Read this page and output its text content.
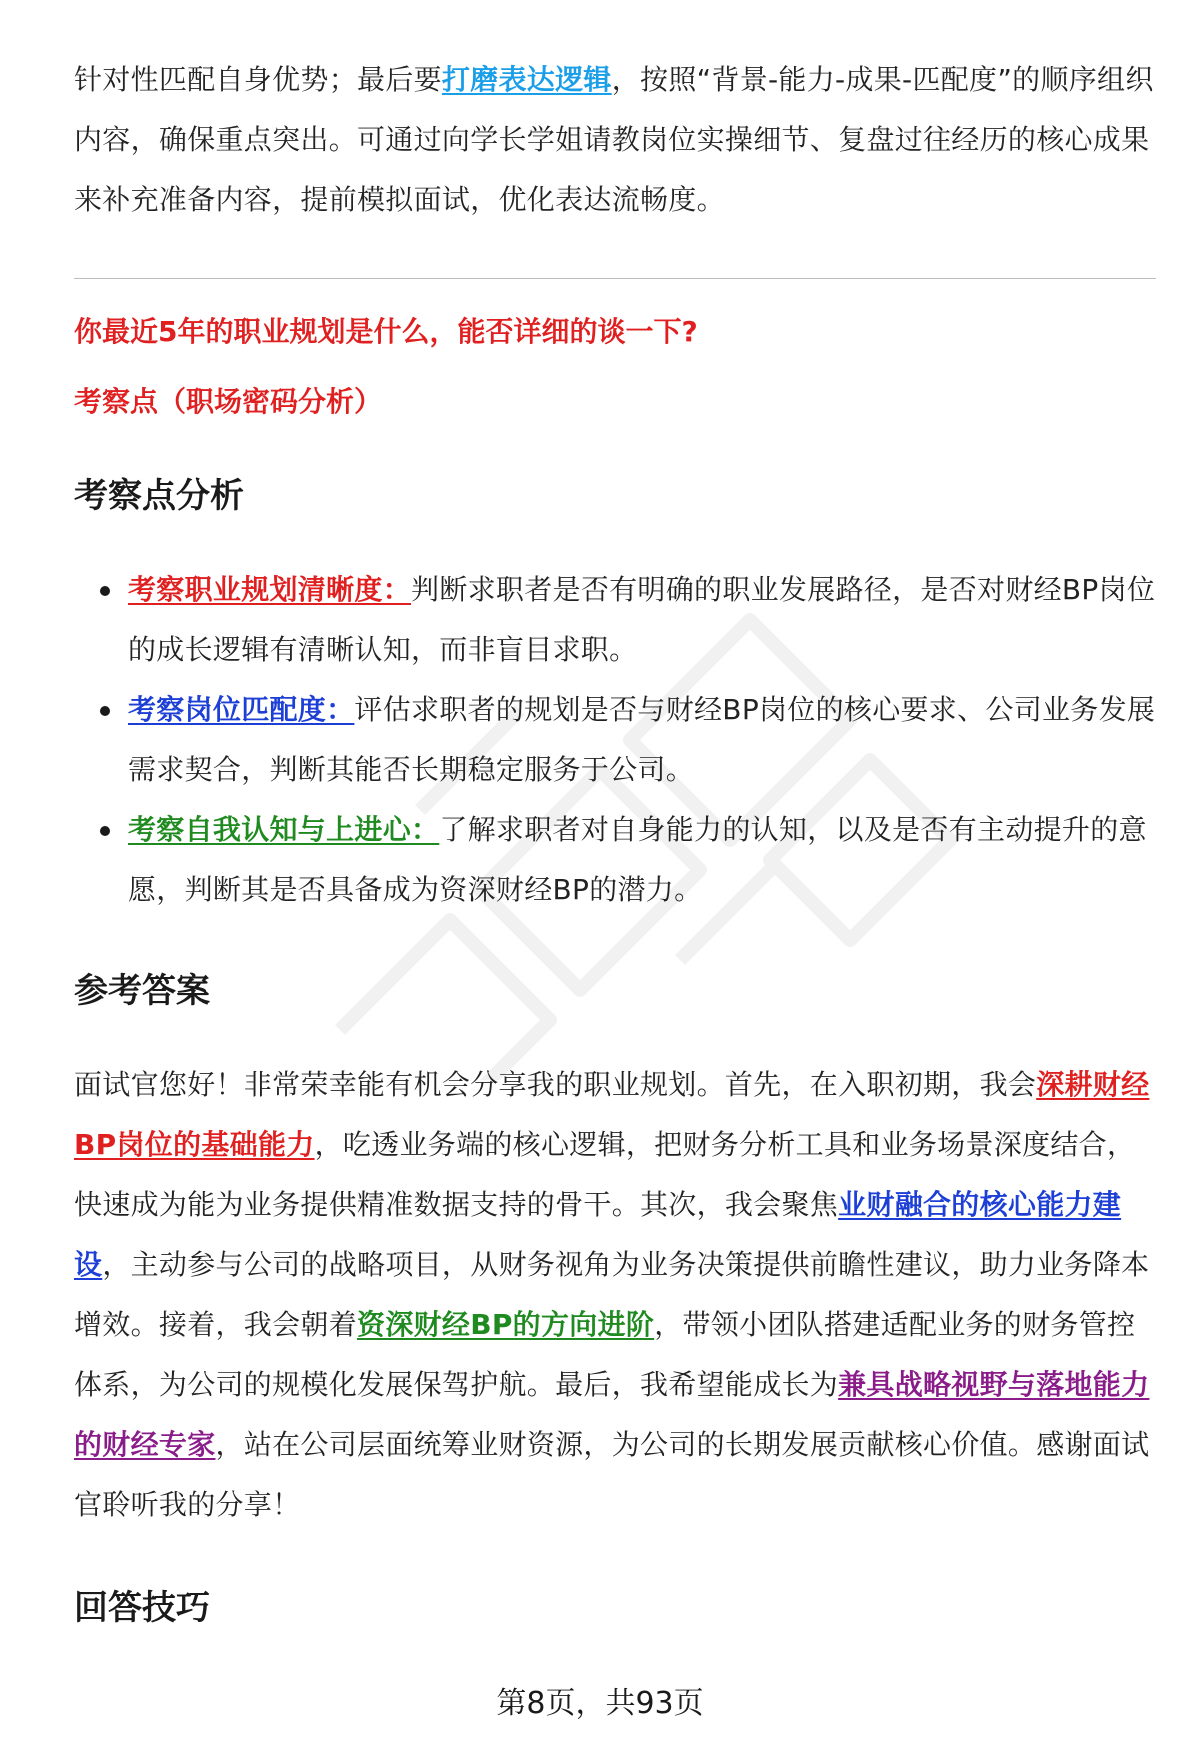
针对性匹配自身优势；最后要打磨表达逻辑，按照“背景-能力-成果-匹配度”的顺序组织内容，确保重点突出。可通过向学长学姐请教岗位实操细节、复盘过往经历的核心成果来补充准备内容，提前模拟面试，优化表达流畅度。

你最近5年的职业规划是什么，能否详细的谈一下?

考察点（职场密码分析）

考察点分析
考察职业规划清晰度：判断求职者是否有明确的职业发展路径，是否对财经BP岗位的成长逻辑有清晰认知，而非盲目求职。
考察岗位匹配度：评估求职者的规划是否与财经BP岗位的核心要求、公司业务发展需求契合，判断其能否长期稳定服务于公司。
考察自我认知与上进心：了解求职者对自身能力的认知，以及是否有主动提升的意愿，判断其是否具备成为资深财经BP的潜力。
参考答案

面试官您好！非常荣幸能有机会分享我的职业规划。首先，在入职初期，我会深耕财经BP岗位的基础能力，吃透业务端的核心逻辑，把财务分析工具和业务场景深度结合，快速成为能为业务提供精准数据支持的骨干。其次，我会聚焦业财融合的核心能力建设，主动参与公司的战略项目，从财务视角为业务决策提供前瞻性建议，助力业务降本增效。接着，我会朝着资深财经BP的方向进阶，带领小团队搭建适配业务的财务管控体系，为公司的规模化发展保驾护航。最后，我希望能成长为兼具战略视野与落地能力的财经专家，站在公司层面统筹业财资源，为公司的长期发展贡献核心价值。感谢面试官聆听我的分享！

回答技巧
第8页，共93页
